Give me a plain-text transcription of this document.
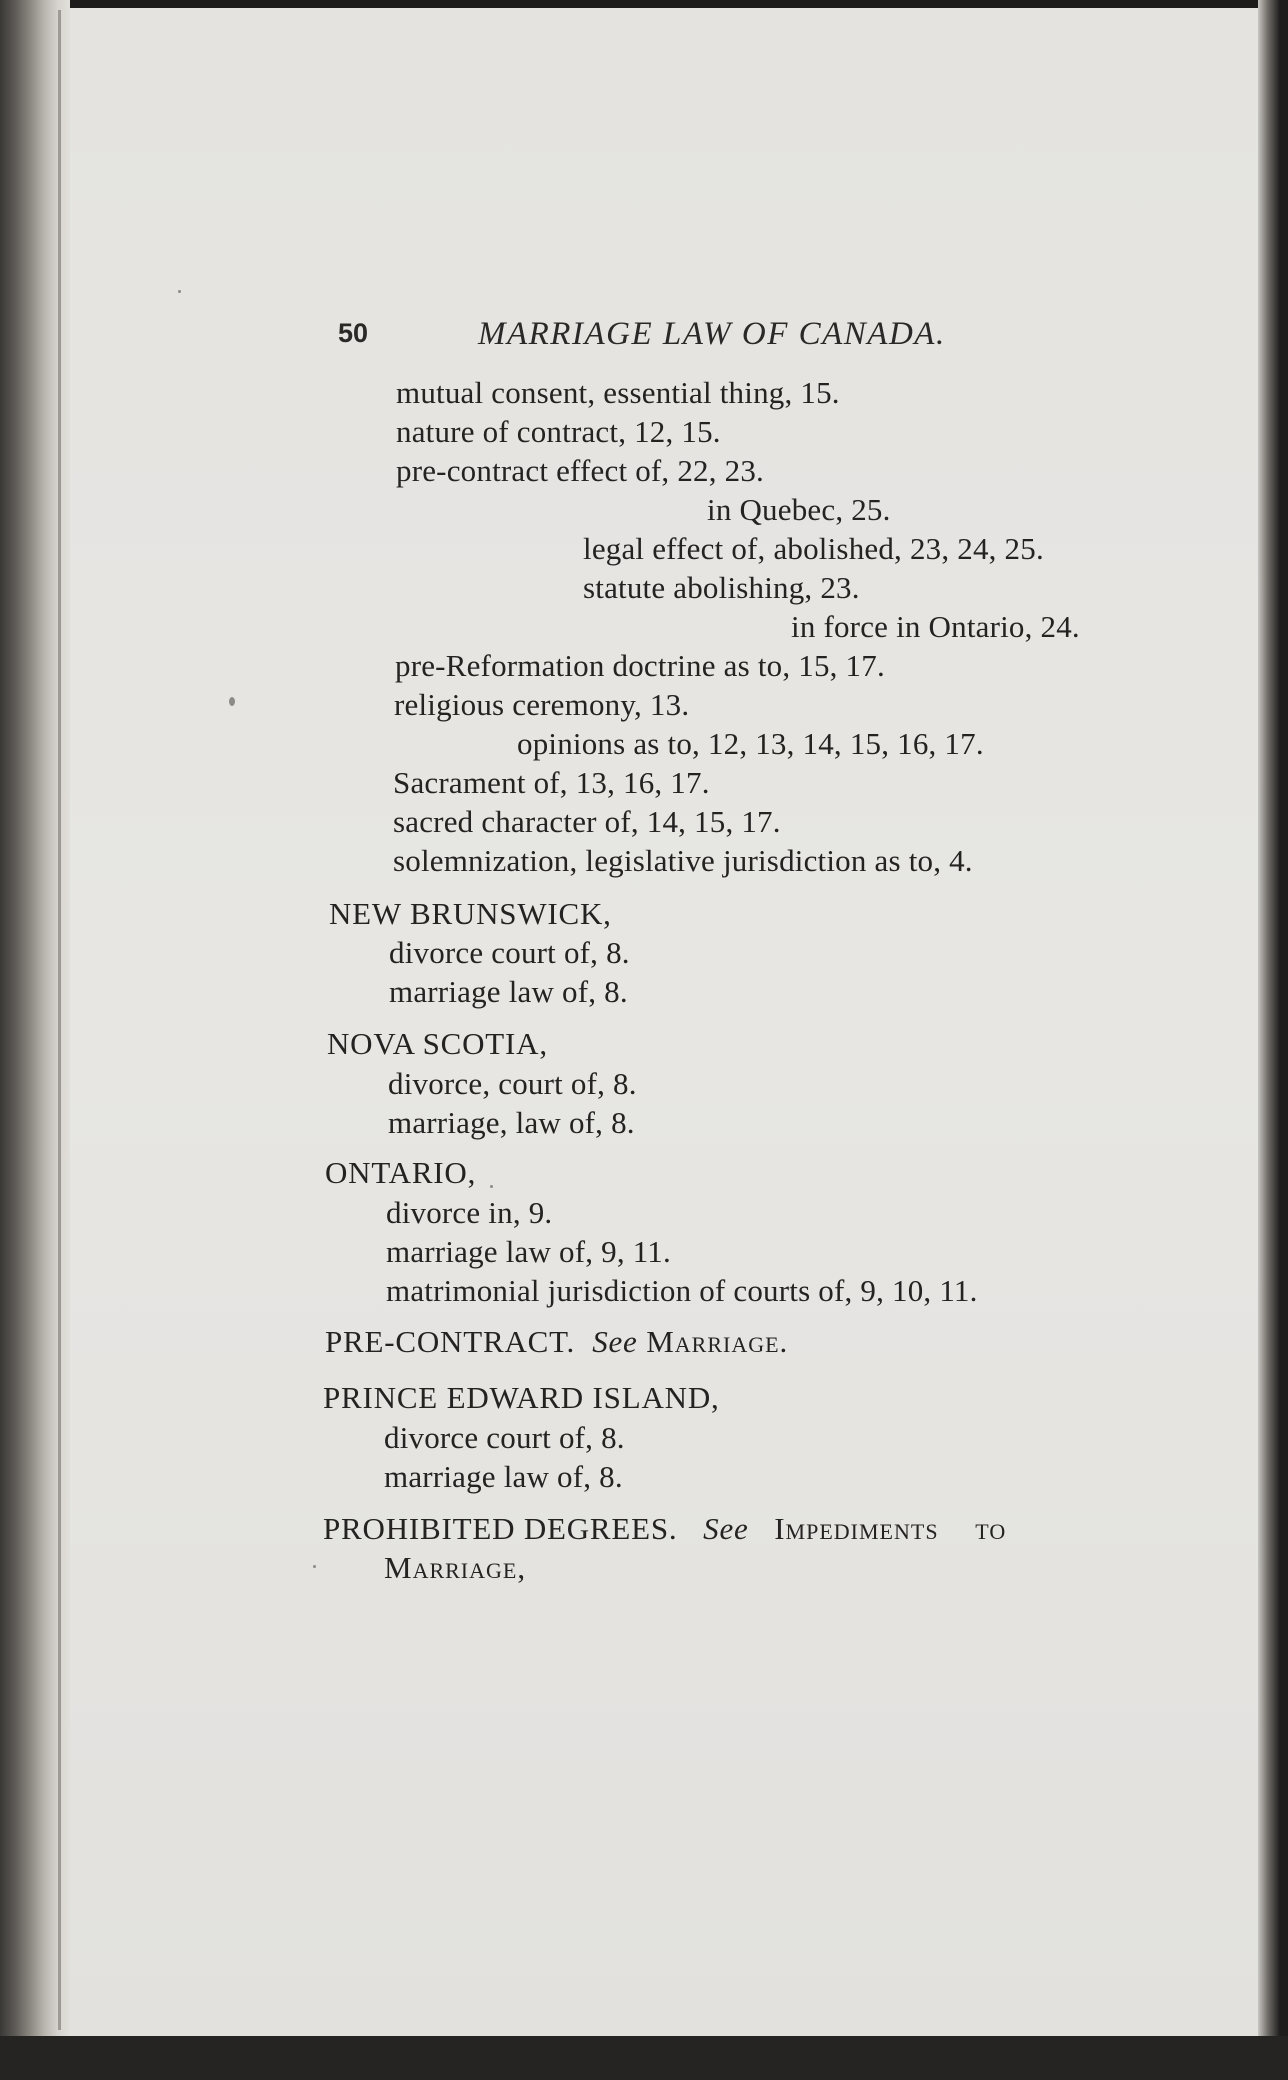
50	MARRIAGE LAW OF CANADA.
mutual consent, essential thing, 15.
nature of contract, 12, 15.
pre-contract effect of, 22, 23.
in Quebec, 25.
legal effect of, abolished, 23, 24, 25.
statute abolishing, 23.
in force in Ontario, 24.
pre-Reformation doctrine as to, 15, 17.
religious ceremony, 13.
opinions as to, 12, 13, 14, 15, 16, 17.
Sacrament of, 13, 16, 17.
sacred character of, 14, 15, 17.
solemnization, legislative jurisdiction as to, 4.
NEW BRUNSWICK,
divorce court of, 8.
marriage law of, 8.
NOVA SCOTIA,
divorce, court of, 8.
marriage, law of, 8.
ONTARIO,
divorce in, 9.
marriage law of, 9, 11.
matrimonial jurisdiction of courts of, 9, 10, 11.
PRE-CONTRACT. See Marriage.
PRINCE EDWARD ISLAND,
divorce court of, 8.
marriage law of, 8.
PROHIBITED DEGREES. See Impediments to
Marriage,
